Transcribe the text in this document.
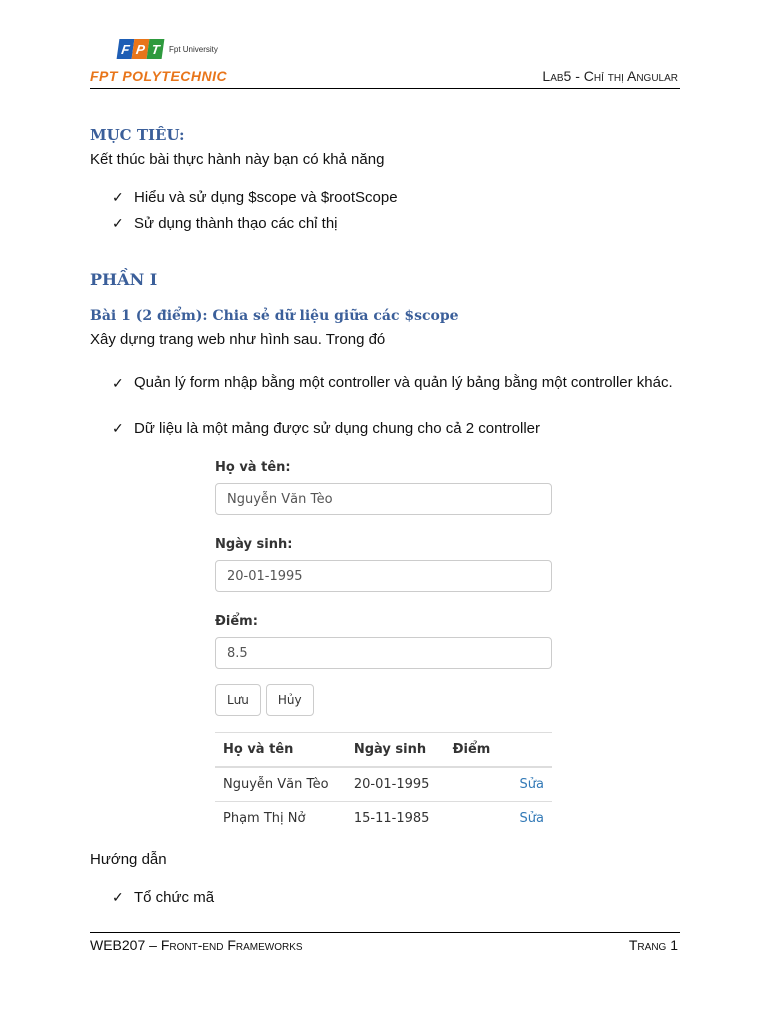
F P T	Fpt University
FPT POLYTECHNIC	Lab5 - Chỉ thị Angular
MỤC TIÊU:
Kết thúc bài thực hành này bạn có khả năng
✓ Hiểu và sử dụng $scope và $rootScope
✓ Sử dụng thành thạo các chỉ thị
PHẦN I
Bài 1 (2 điểm): Chia sẻ dữ liệu giữa các $scope
Xây dựng trang web như hình sau. Trong đó
✓ Quản lý form nhập bằng một controller và quản lý bảng bằng một controller khác.
✓ Dữ liệu là một mảng được sử dụng chung cho cả 2 controller
Họ và tên:
Nguyễn Văn Tèo
Ngày sinh:
20-01-1995
Điểm:
8.5
Lưu	Hủy
Họ và tên	Ngày sinh	Điểm	
Nguyễn Văn Tèo	20-01-1995		Sửa
Phạm Thị Nở	15-11-1985		Sửa
Hướng dẫn
✓ Tổ chức mã
WEB207 – Front-end Frameworks	Trang 1
